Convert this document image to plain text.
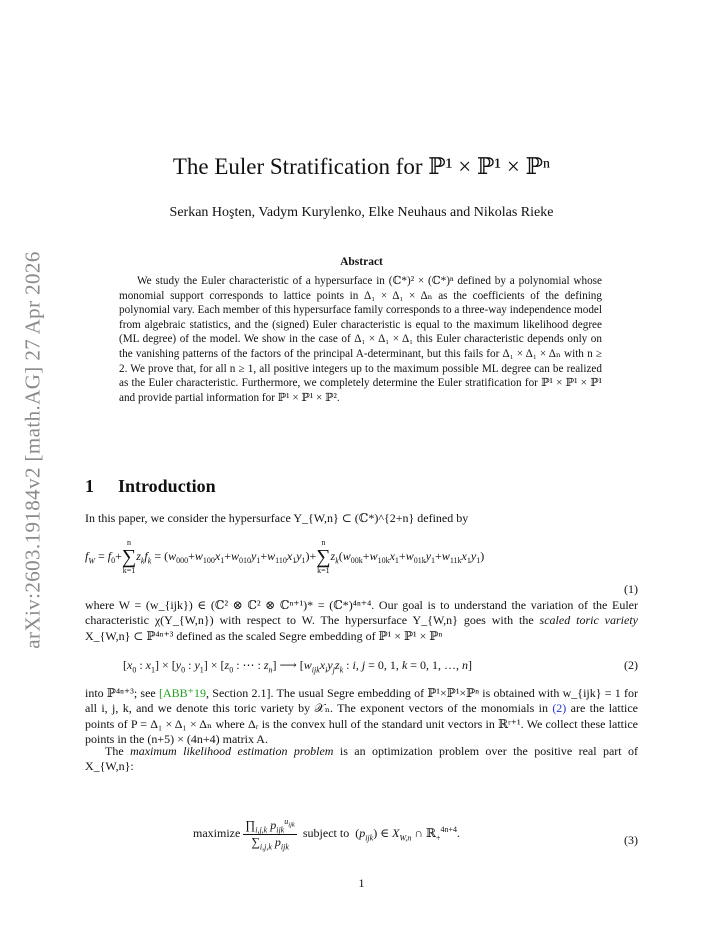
arXiv:2603.19184v2 [math.AG] 27 Apr 2026
The Euler Stratification for ℙ¹ × ℙ¹ × ℙⁿ
Serkan Hoşten, Vadym Kurylenko, Elke Neuhaus and Nikolas Rieke
Abstract

We study the Euler characteristic of a hypersurface in (ℂ*)² × (ℂ*)ⁿ defined by a polynomial whose monomial support corresponds to lattice points in Δ₁ × Δ₁ × Δₙ as the coefficients of the defining polynomial vary. Each member of this hypersurface family corresponds to a three-way independence model from algebraic statistics, and the (signed) Euler characteristic is equal to the maximum likelihood degree (ML degree) of the model. We show in the case of Δ₁ × Δ₁ × Δ₁ this Euler characteristic depends only on the vanishing patterns of the factors of the principal A-determinant, but this fails for Δ₁ × Δ₁ × Δₙ with n ≥ 2. We prove that, for all n ≥ 1, all positive integers up to the maximum possible ML degree can be realized as the Euler characteristic. Furthermore, we completely determine the Euler stratification for ℙ¹ × ℙ¹ × ℙ¹ and provide partial information for ℙ¹ × ℙ¹ × ℙ².

1 Introduction

In this paper, we consider the hypersurface Y_{W,n} ⊂ (ℂ*)^{2+n} defined by

$f_W = f_0+$
n
∑
k=1
$z_kf_k = (w_{000}+w_{100}x_1+w_{010}y_1+w_{110}x_1y_1)+$
n
∑
k=1
$z_k(w_{00k}+w_{10k}x_1+w_{01k}y_1+w_{11k}x_1y_1)$
(1)

where W = (w_{ijk}) ∈ (ℂ² ⊗ ℂ² ⊗ ℂⁿ⁺¹)* = (ℂ*)⁴ⁿ⁺⁴. Our goal is to understand the variation of the Euler characteristic χ(Y_{W,n}) with respect to W. The hypersurface Y_{W,n} goes with the scaled toric variety X_{W,n} ⊂ ℙ⁴ⁿ⁺³ defined as the scaled Segre embedding of ℙ¹ × ℙ¹ × ℙⁿ

[$x_0$ : $x_1] \times [y_0$ : $y_1] \times [z_0$ : ⋯ : $z_n$] ⟶ [$w_{ijk}x_iy_jz_k$ : i, j = 0, 1, k = 0, 1, …, n]	(2)

into ℙ⁴ⁿ⁺³; see [ABB⁺19, Section 2.1]. The usual Segre embedding of ℙ¹×ℙ¹×ℙⁿ is obtained with w_{ijk} = 1 for all i, j, k, and we denote this toric variety by 𝒳ₙ. The exponent vectors of the monomials in (2) are the lattice points of P = Δ₁ × Δ₁ × Δₙ where Δᵣ is the convex hull of the standard unit vectors in ℝʳ⁺¹. We collect these lattice points in the (n+5) × (4n+4) matrix A.

The maximum likelihood estimation problem is an optimization problem over the positive real part of X_{W,n}:

maximize $\frac{\prod_{i,j,k} p_{ijk}^{u_{ijk}}}{\sum_{i,j,k} p_{ijk}}$ subject to  $(p_{ijk})$ ∈ $X_{W,n}$ ∩ ℝ$_+^{4n+4}$.	(3)
1
